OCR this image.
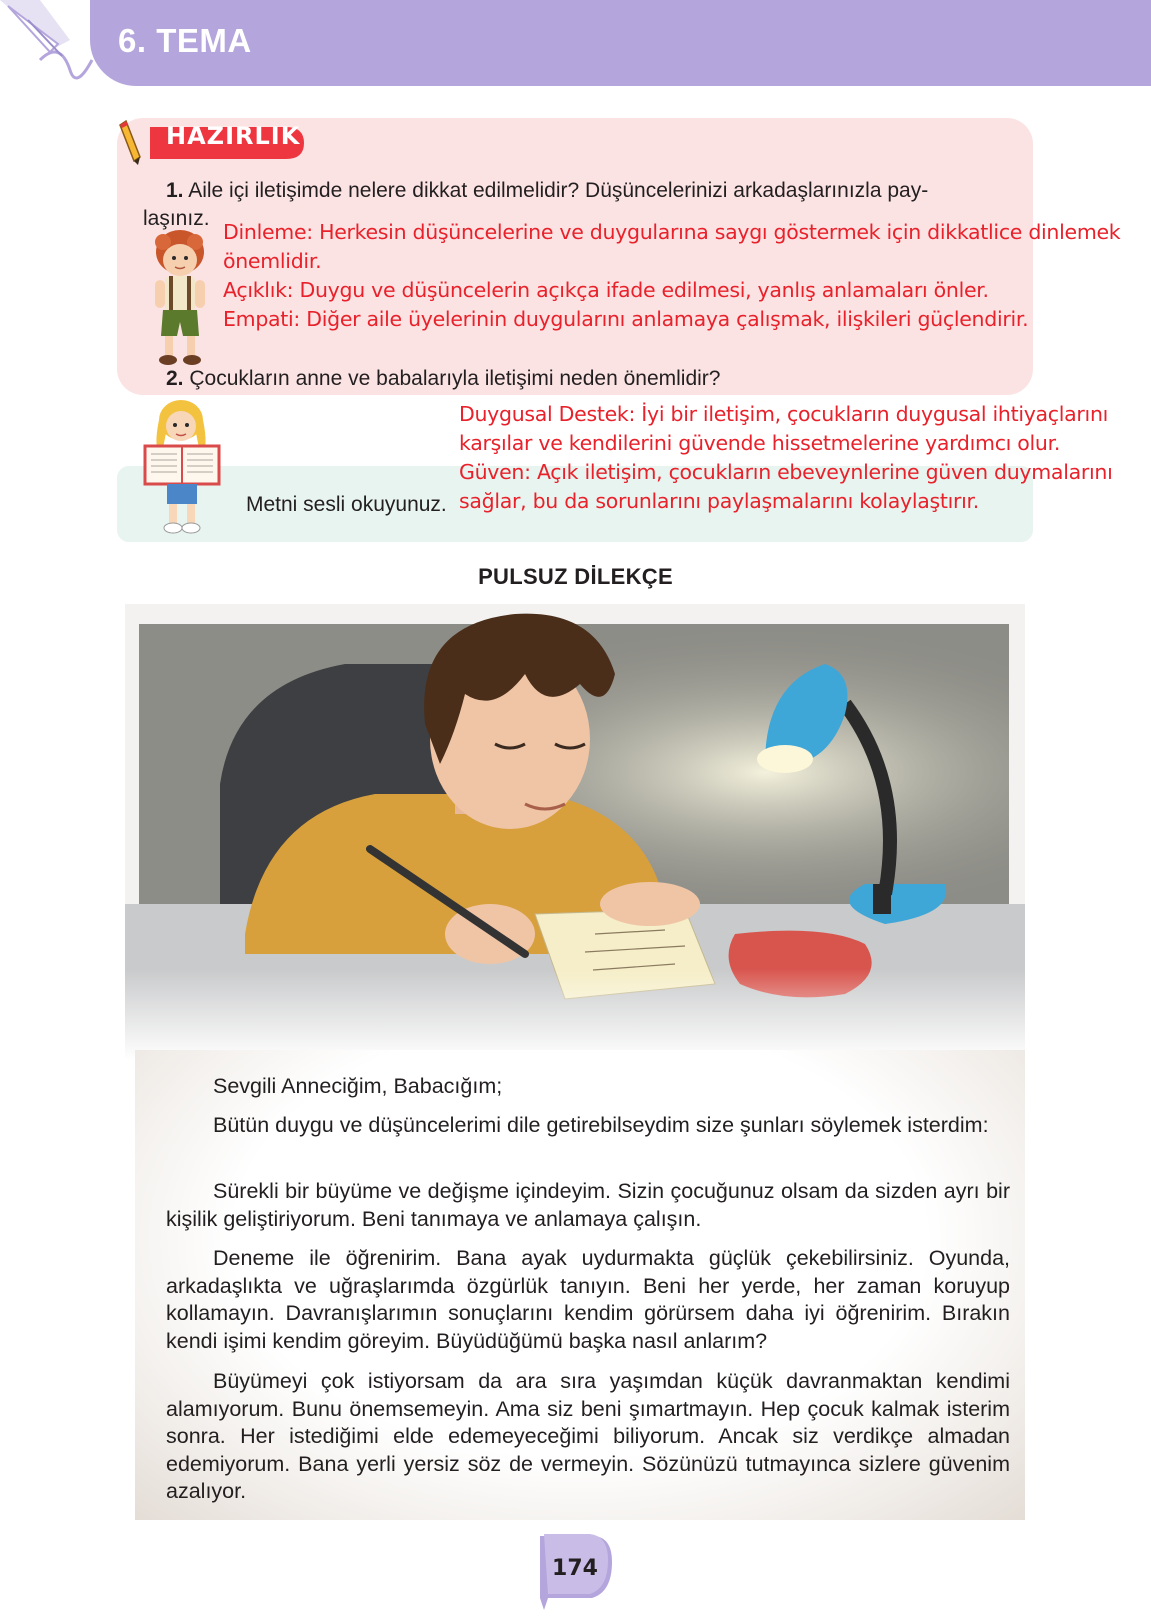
6. TEMA
HAZIRLIK
1. Aile içi iletişimde nelere dikkat edilmelidir? Düşüncelerinizi arkadaşlarınızla pay-
laşınız.
Dinleme: Herkesin düşüncelerine ve duygularına saygı göstermek için dikkatlice dinlemek
önemlidir.
Açıklık: Duygu ve düşüncelerin açıkça ifade edilmesi, yanlış anlamaları önler.
Empati: Diğer aile üyelerinin duygularını anlamaya çalışmak, ilişkileri güçlendirir.
2. Çocukların anne ve babalarıyla iletişimi neden önemlidir?
Metni sesli okuyunuz.
Duygusal Destek: İyi bir iletişim, çocukların duygusal ihtiyaçlarını
karşılar ve kendilerini güvende hissetmelerine yardımcı olur.
Güven: Açık iletişim, çocukların ebeveynlerine güven duymalarını
sağlar, bu da sorunlarını paylaşmalarını kolaylaştırır.
PULSUZ DİLEKÇE
Sevgili Anneciğim, Babacığım;
Bütün duygu ve düşüncelerimi dile getirebilseydim size şunları söylemek isterdim:
Sürekli bir büyüme ve değişme içindeyim. Sizin çocuğunuz olsam da sizden ayrı bir kişilik geliştiriyorum. Beni tanımaya ve anlamaya çalışın.
Deneme ile öğrenirim. Bana ayak uydurmakta güçlük çekebilirsiniz. Oyunda, arkadaşlıkta ve uğraşlarımda özgürlük tanıyın. Beni her yerde, her zaman koruyup kollamayın. Davranışlarımın sonuçlarını kendim görürsem daha iyi öğrenirim. Bırakın kendi işimi kendim göreyim. Büyüdüğümü başka nasıl anlarım?
Büyümeyi çok istiyorsam da ara sıra yaşımdan küçük davranmaktan kendimi alamıyorum. Bunu önemsemeyin. Ama siz beni şımartmayın. Hep çocuk kalmak isterim sonra. Her istediğimi elde edemeyeceğimi biliyorum. Ancak siz verdikçe almadan edemiyorum. Bana yerli yersiz söz de vermeyin. Sözünüzü tutmayınca sizlere güvenim azalıyor.
174
